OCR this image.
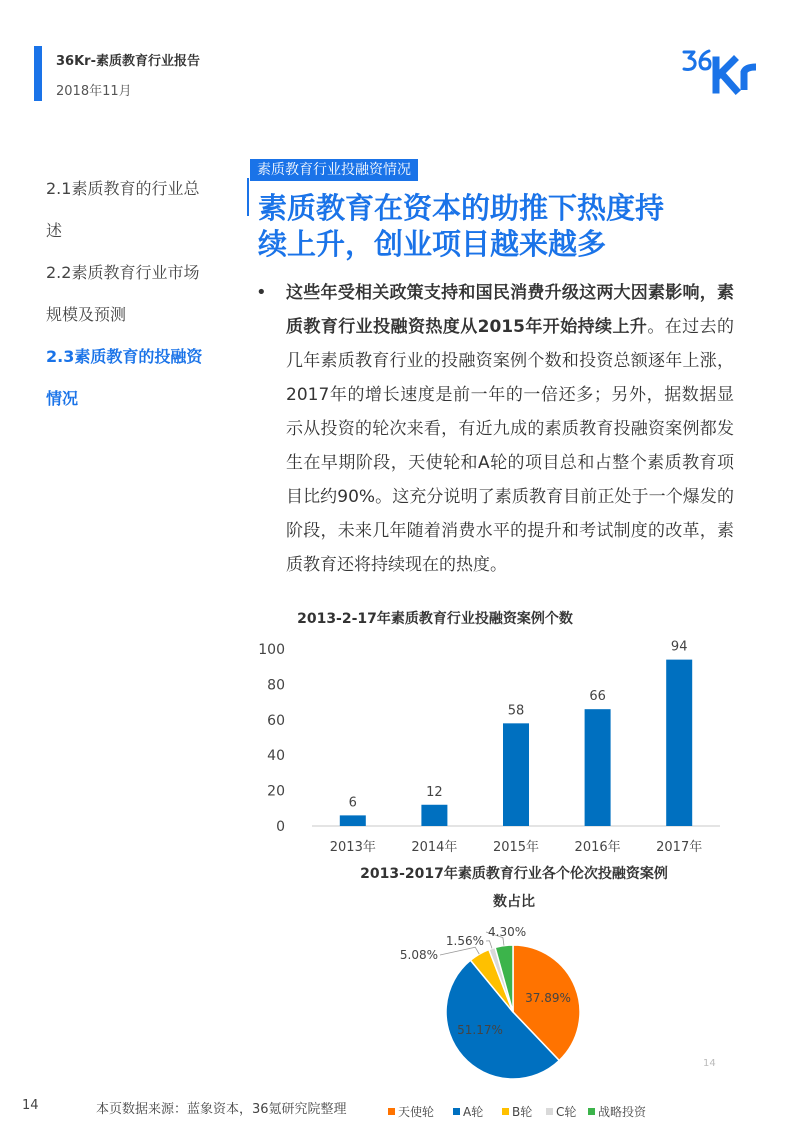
36Kr-素质教育行业报告
2018年11月
2.1素质教育的行业总
述
2.2素质教育行业市场
规模及预测
2.3素质教育的投融资
情况
素质教育行业投融资情况
素质教育在资本的助推下热度持
续上升，创业项目越来越多
• 这些年受相关政策支持和国民消费升级这两大因素影响，素质教育行业投融资热度从2015年开始持续上升。在过去的几年素质教育行业的投融资案例个数和投资总额逐年上涨，2017年的增长速度是前一年的一倍还多；另外，据数据显示从投资的轮次来看，有近九成的素质教育投融资案例都发生在早期阶段，天使轮和A轮的项目总和占整个素质教育项目比约90%。这充分说明了素质教育目前正处于一个爆发的阶段，未来几年随着消费水平的提升和考试制度的改革，素质教育还将持续现在的热度。
2013-2-17年素质教育行业投融资案例个数
0
20
40
60
80
100
6
2013年
12
2014年
58
2015年
66
2016年
94
2017年
2013-2017年素质教育行业各个伦次投融资案例
数占比
37.89%
51.17%
5.08%
1.56%
4.30%
天使轮 A轮 B轮 C轮 战略投资
14	本页数据来源：蓝象资本，36氪研究院整理
14
